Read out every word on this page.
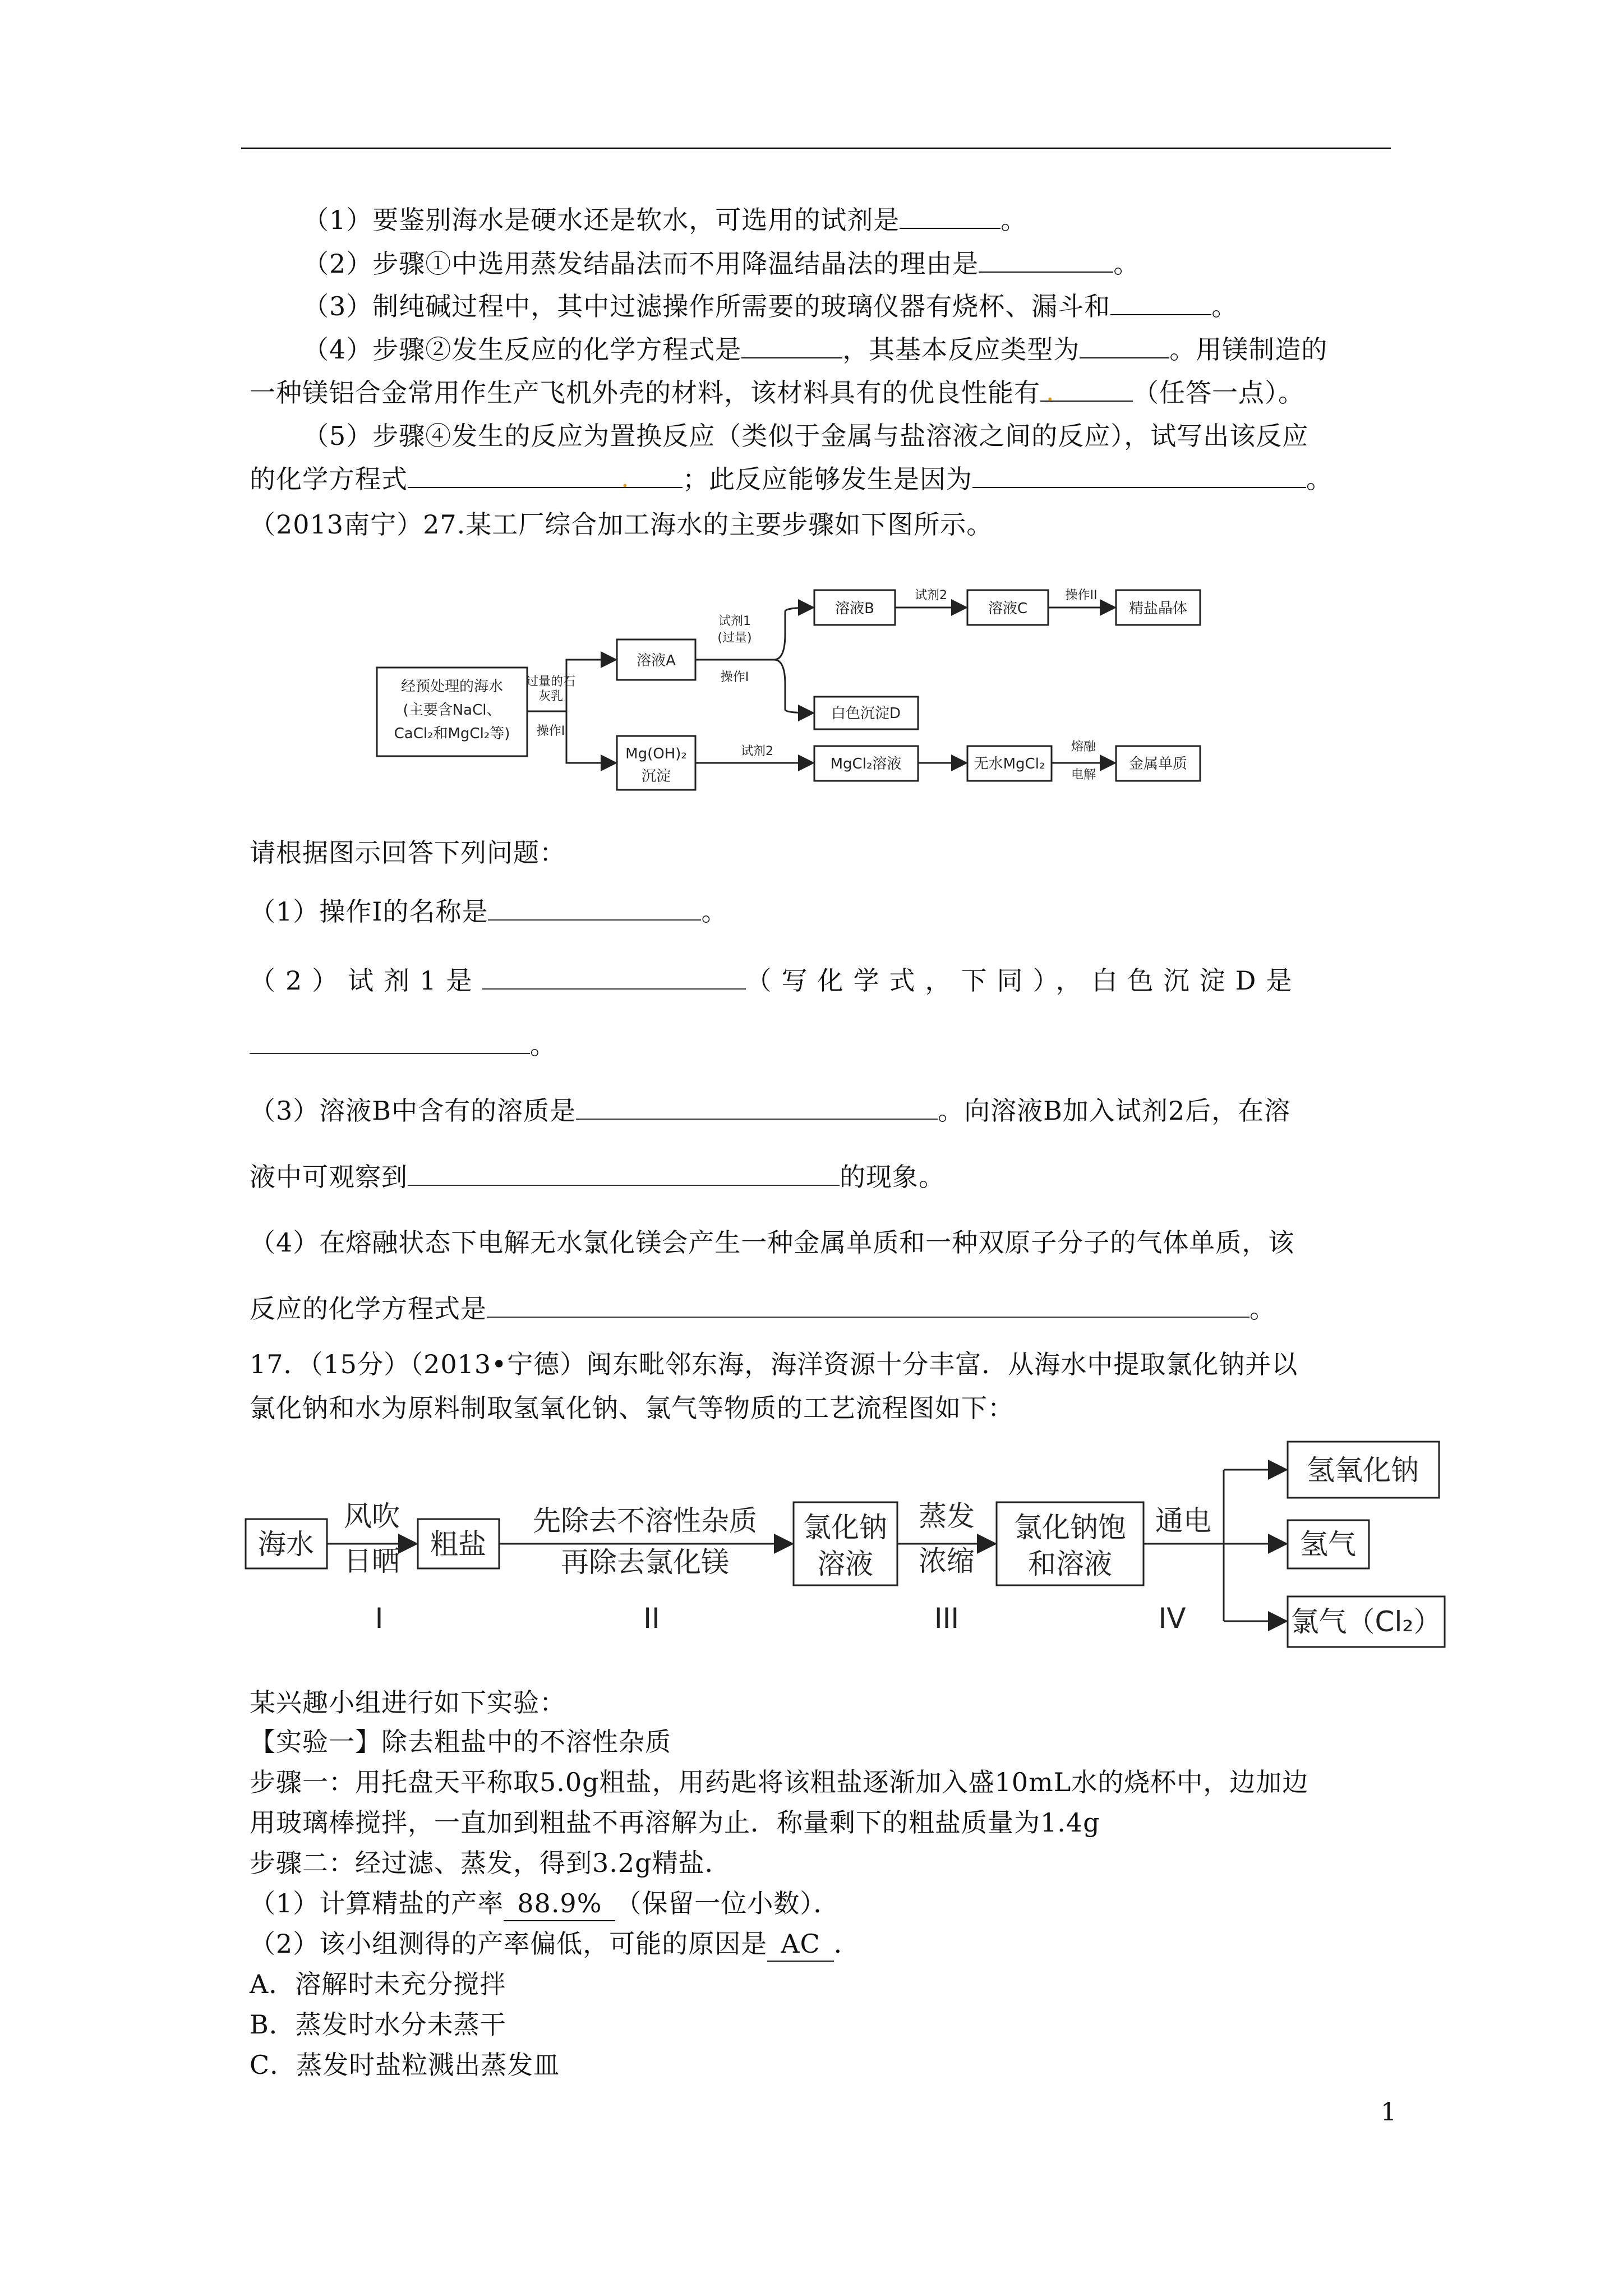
（1）要鉴别海水是硬水还是软水，可选用的试剂是	。
（2）步骤①中选用蒸发结晶法而不用降温结晶法的理由是	。
（3）制纯碱过程中，其中过滤操作所需要的玻璃仪器有烧杯、漏斗和	。
（4）步骤②发生反应的化学方程式是	，其基本反应类型为	。用镁制造的
一种镁铝合金常用作生产飞机外壳的材料，该材料具有的优良性能有 .	（任答一点）。
（5）步骤④发生的反应为置换反应（类似于金属与盐溶液之间的反应），试写出该反应
的化学方程式	. ；此反应能够发生是因为	。
（2013南宁）27.某工厂综合加工海水的主要步骤如下图所示。
经预处理的海水
(主要含NaCl、
CaCl₂和MgCl₂等)
过量的石
灰乳
操作I
溶液A
试剂1
(过量)
操作I
溶液B
试剂2
溶液C
操作II
精盐晶体
白色沉淀D
Mg(OH)₂
沉淀
试剂2
MgCl₂溶液	无水MgCl₂
熔融
电解
金属单质
请根据图示回答下列问题：
（1）操作Ⅰ的名称是	。
（2）试剂1是	（写化学式，下同），白色沉淀D是
。
（3）溶液B中含有的溶质是	。向溶液B加入试剂2后，在溶
液中可观察到	的现象。
（4）在熔融状态下电解无水氯化镁会产生一种金属单质和一种双原子分子的气体单质，该
反应的化学方程式是	。
17．（15分）（2013•宁德）闽东毗邻东海，海洋资源十分丰富．从海水中提取氯化钠并以
氯化钠和水为原料制取氢氧化钠、氯气等物质的工艺流程图如下：
海水
风吹
日晒
粗盐
先除去不溶性杂质
再除去氯化镁
氯化钠
溶液
蒸发
浓缩
氯化钠饱
和溶液
通电
氢氧化钠
氢气
氯气（Cl₂）
I	II	III	IV
某兴趣小组进行如下实验：
【实验一】除去粗盐中的不溶性杂质
步骤一：用托盘天平称取5.0g粗盐，用药匙将该粗盐逐渐加入盛10mL水的烧杯中，边加边
用玻璃棒搅拌，一直加到粗盐不再溶解为止．称量剩下的粗盐质量为1.4g
步骤二：经过滤、蒸发，得到3.2g精盐．
（1）计算精盐的产率 88.9% （保留一位小数）．
（2）该小组测得的产率偏低，可能的原因是 AC ．
A．溶解时未充分搅拌
B．蒸发时水分未蒸干
C．蒸发时盐粒溅出蒸发皿
1
